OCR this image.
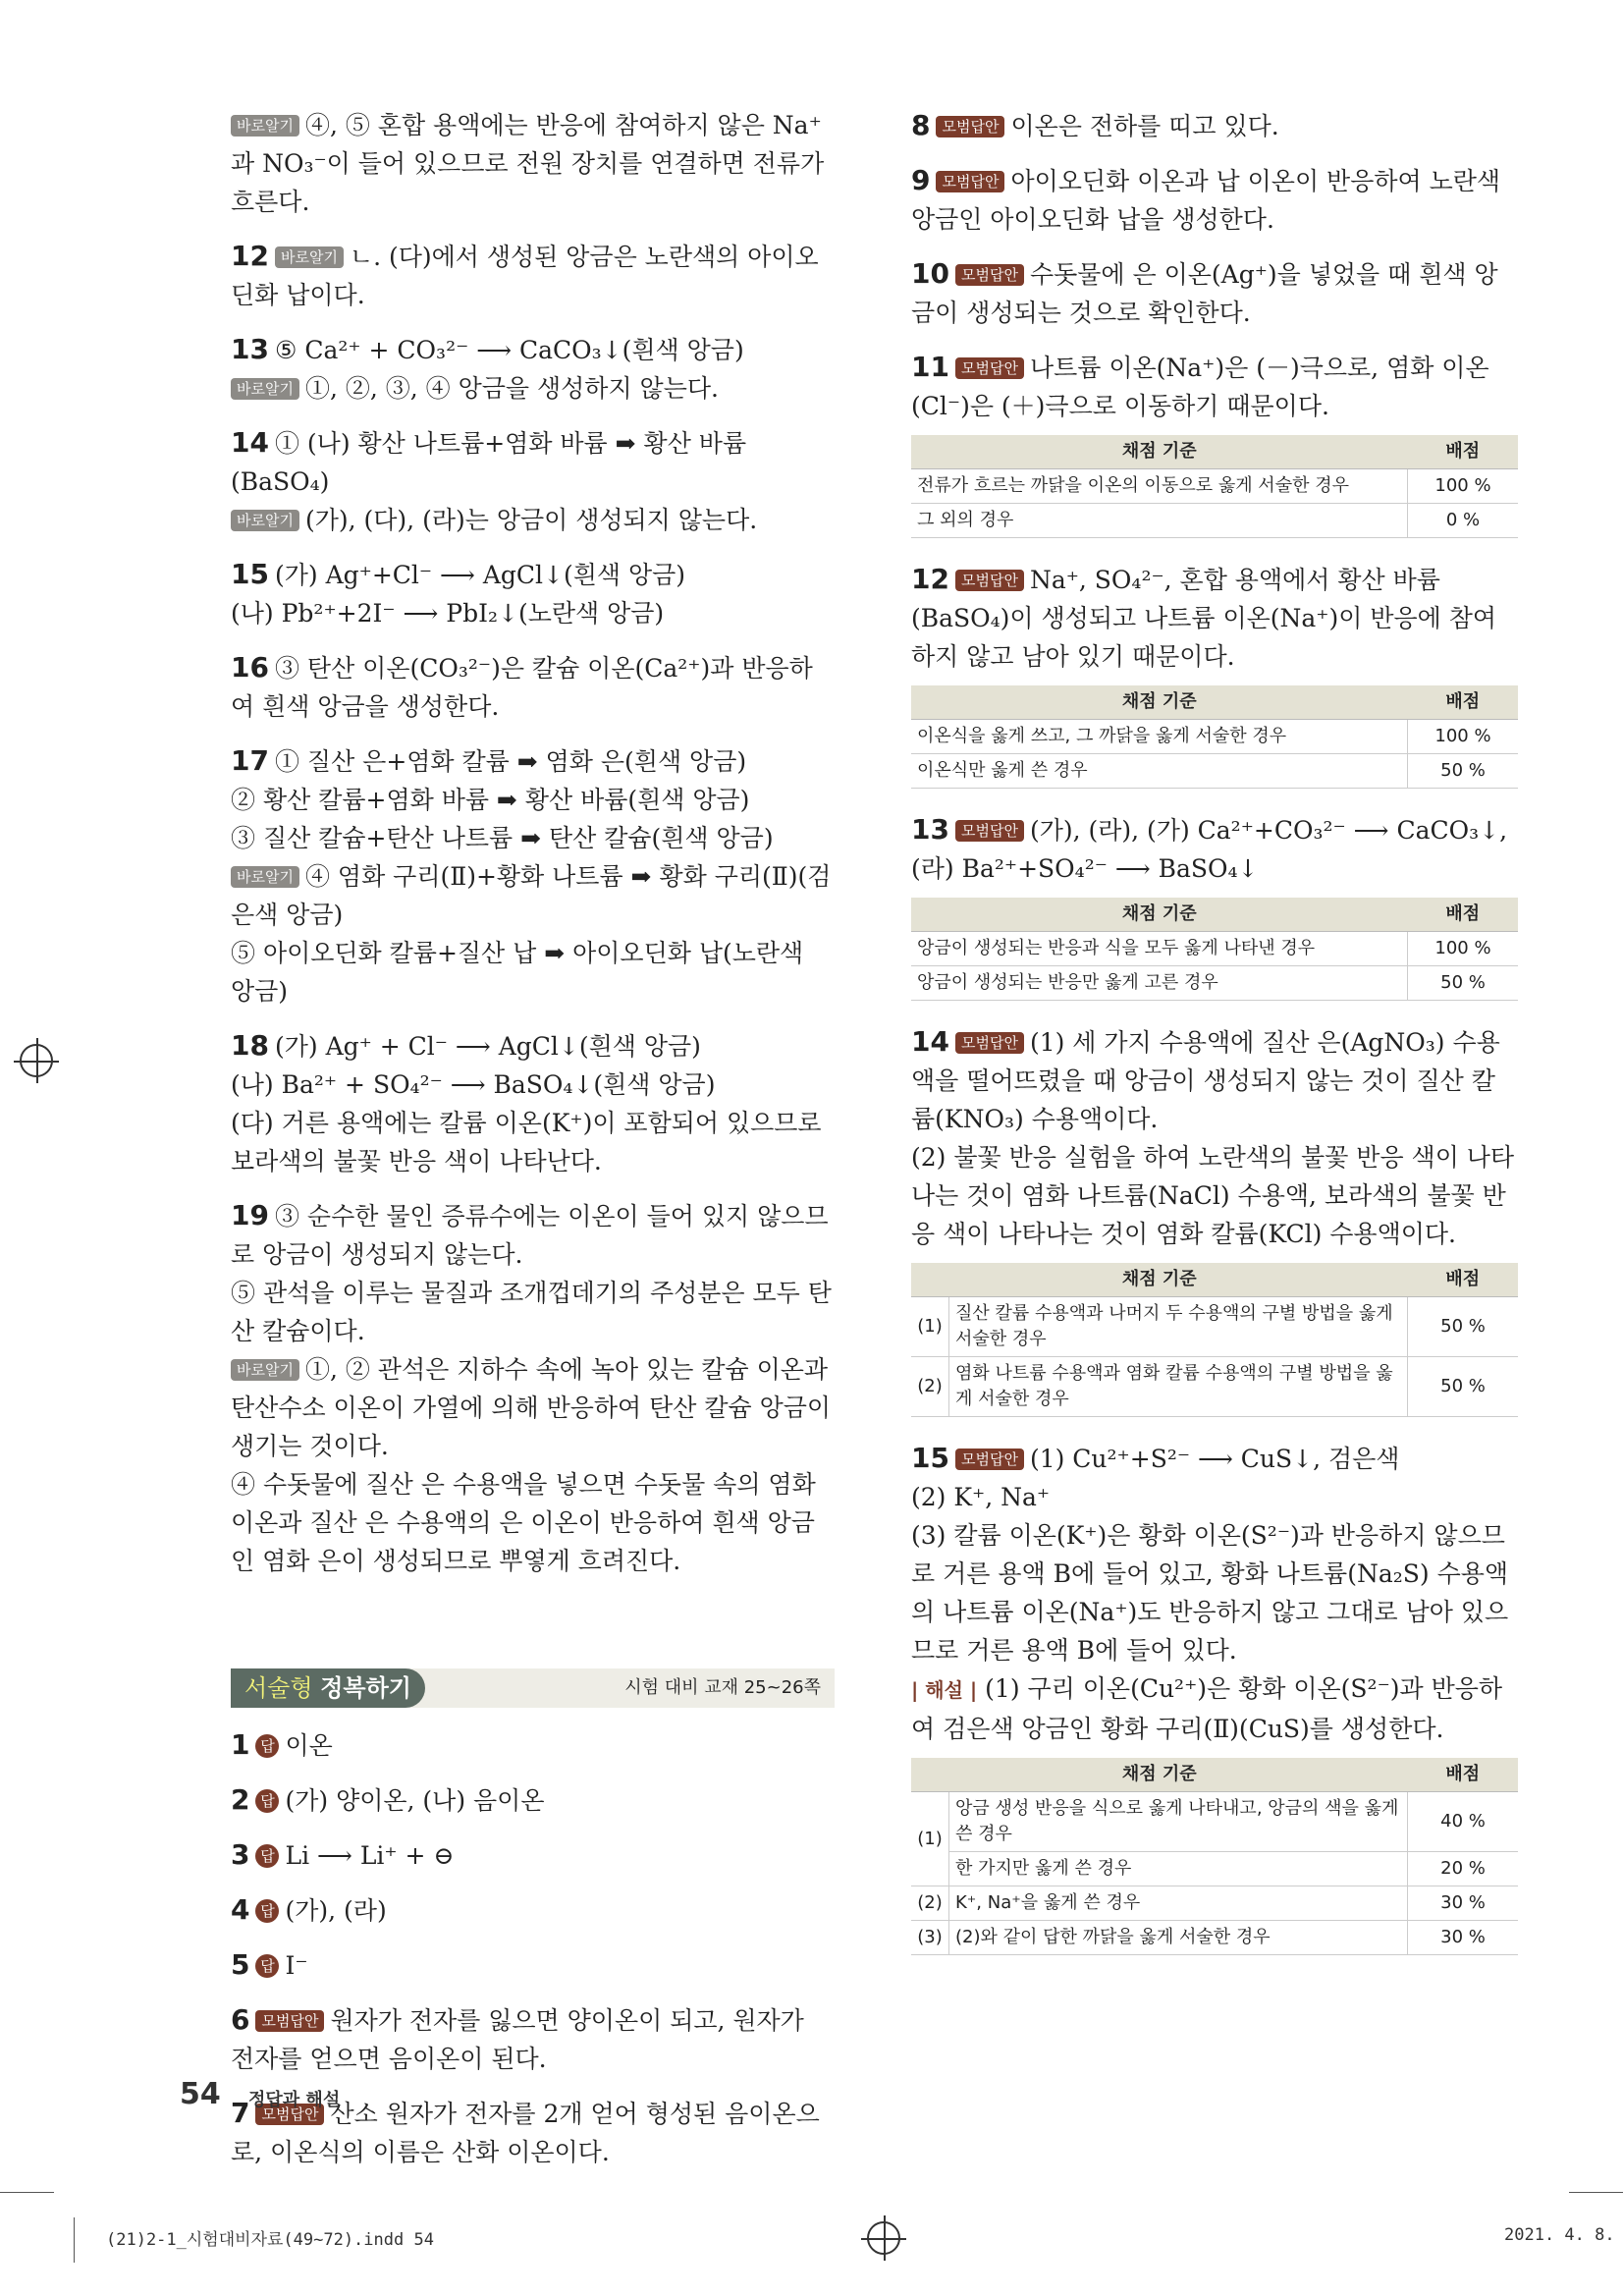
바로알기 ④, ⑤ 혼합 용액에는 반응에 참여하지 않은 Na⁺과 NO₃⁻이 들어 있으므로 전원 장치를 연결하면 전류가 흐른다.

12 바로알기 ㄴ. (다)에서 생성된 앙금은 노란색의 아이오딘화 납이다.

13 ⑤ Ca²⁺ + CO₃²⁻ ⟶ CaCO₃↓(흰색 앙금)

바로알기 ①, ②, ③, ④ 앙금을 생성하지 않는다.

14 ① (나) 황산 나트륨+염화 바륨 ➡ 황산 바륨(BaSO₄)

바로알기 (가), (다), (라)는 앙금이 생성되지 않는다.

15 (가) Ag⁺+Cl⁻ ⟶ AgCl↓(흰색 앙금)

(나) Pb²⁺+2I⁻ ⟶ PbI₂↓(노란색 앙금)

16 ③ 탄산 이온(CO₃²⁻)은 칼슘 이온(Ca²⁺)과 반응하여 흰색 앙금을 생성한다.

17 ① 질산 은+염화 칼륨 ➡ 염화 은(흰색 앙금)

② 황산 칼륨+염화 바륨 ➡ 황산 바륨(흰색 앙금)

③ 질산 칼슘+탄산 나트륨 ➡ 탄산 칼슘(흰색 앙금)

바로알기 ④ 염화 구리(Ⅱ)+황화 나트륨 ➡ 황화 구리(Ⅱ)(검은색 앙금)

⑤ 아이오딘화 칼륨+질산 납 ➡ 아이오딘화 납(노란색 앙금)

18 (가) Ag⁺ + Cl⁻ ⟶ AgCl↓(흰색 앙금)

(나) Ba²⁺ + SO₄²⁻ ⟶ BaSO₄↓(흰색 앙금)

(다) 거른 용액에는 칼륨 이온(K⁺)이 포함되어 있으므로 보라색의 불꽃 반응 색이 나타난다.

19 ③ 순수한 물인 증류수에는 이온이 들어 있지 않으므로 앙금이 생성되지 않는다.

⑤ 관석을 이루는 물질과 조개껍데기의 주성분은 모두 탄산 칼슘이다.

바로알기 ①, ② 관석은 지하수 속에 녹아 있는 칼슘 이온과 탄산수소 이온이 가열에 의해 반응하여 탄산 칼슘 앙금이 생기는 것이다.

④ 수돗물에 질산 은 수용액을 넣으면 수돗물 속의 염화 이온과 질산 은 수용액의 은 이온이 반응하여 흰색 앙금인 염화 은이 생성되므로 뿌옇게 흐려진다.

서술형 정복하기	시험 대비 교재 25~26쪽

1 답 이온

2 답 (가) 양이온, (나) 음이온

3 답 Li ⟶ Li⁺ + ⊖

4 답 (가), (라)

5 답 I⁻

6 모범답안 원자가 전자를 잃으면 양이온이 되고, 원자가 전자를 얻으면 음이온이 된다.

7 모범답안 산소 원자가 전자를 2개 얻어 형성된 음이온으로, 이온식의 이름은 산화 이온이다.

8 모범답안 이온은 전하를 띠고 있다.

9 모범답안 아이오딘화 이온과 납 이온이 반응하여 노란색 앙금인 아이오딘화 납을 생성한다.

10 모범답안 수돗물에 은 이온(Ag⁺)을 넣었을 때 흰색 앙금이 생성되는 것으로 확인한다.

11 모범답안 나트륨 이온(Na⁺)은 (－)극으로, 염화 이온(Cl⁻)은 (＋)극으로 이동하기 때문이다.

채점 기준	배점
전류가 흐르는 까닭을 이온의 이동으로 옳게 서술한 경우	100 %
그 외의 경우	0 %

12 모범답안 Na⁺, SO₄²⁻, 혼합 용액에서 황산 바륨(BaSO₄)이 생성되고 나트륨 이온(Na⁺)이 반응에 참여하지 않고 남아 있기 때문이다.

채점 기준	배점
이온식을 옳게 쓰고, 그 까닭을 옳게 서술한 경우	100 %
이온식만 옳게 쓴 경우	50 %

13 모범답안 (가), (라), (가) Ca²⁺+CO₃²⁻ ⟶ CaCO₃↓, (라) Ba²⁺+SO₄²⁻ ⟶ BaSO₄↓

채점 기준	배점
앙금이 생성되는 반응과 식을 모두 옳게 나타낸 경우	100 %
앙금이 생성되는 반응만 옳게 고른 경우	50 %

14 모범답안 (1) 세 가지 수용액에 질산 은(AgNO₃) 수용액을 떨어뜨렸을 때 앙금이 생성되지 않는 것이 질산 칼륨(KNO₃) 수용액이다.

(2) 불꽃 반응 실험을 하여 노란색의 불꽃 반응 색이 나타나는 것이 염화 나트륨(NaCl) 수용액, 보라색의 불꽃 반응 색이 나타나는 것이 염화 칼륨(KCl) 수용액이다.

채점 기준		배점
(1)	질산 칼륨 수용액과 나머지 두 수용액의 구별 방법을 옳게 서술한 경우	50 %
(2)	염화 나트륨 수용액과 염화 칼륨 수용액의 구별 방법을 옳게 서술한 경우	50 %

15 모범답안 (1) Cu²⁺+S²⁻ ⟶ CuS↓, 검은색

(2) K⁺, Na⁺

(3) 칼륨 이온(K⁺)은 황화 이온(S²⁻)과 반응하지 않으므로 거른 용액 B에 들어 있고, 황화 나트륨(Na₂S) 수용액의 나트륨 이온(Na⁺)도 반응하지 않고 그대로 남아 있으므로 거른 용액 B에 들어 있다.

| 해설 | (1) 구리 이온(Cu²⁺)은 황화 이온(S²⁻)과 반응하여 검은색 앙금인 황화 구리(Ⅱ)(CuS)를 생성한다.

채점 기준		배점
(1)	앙금 생성 반응을 식으로 옳게 나타내고, 앙금의 색을 옳게 쓴 경우	40 %
	한 가지만 옳게 쓴 경우	20 %
(2)	K⁺, Na⁺을 옳게 쓴 경우	30 %
(3)	(2)와 같이 답한 까닭을 옳게 서술한 경우	30 %
54 정답과 해설
(21)2-1_시험대비자료(49~72).indd 54	2021. 4. 8.
